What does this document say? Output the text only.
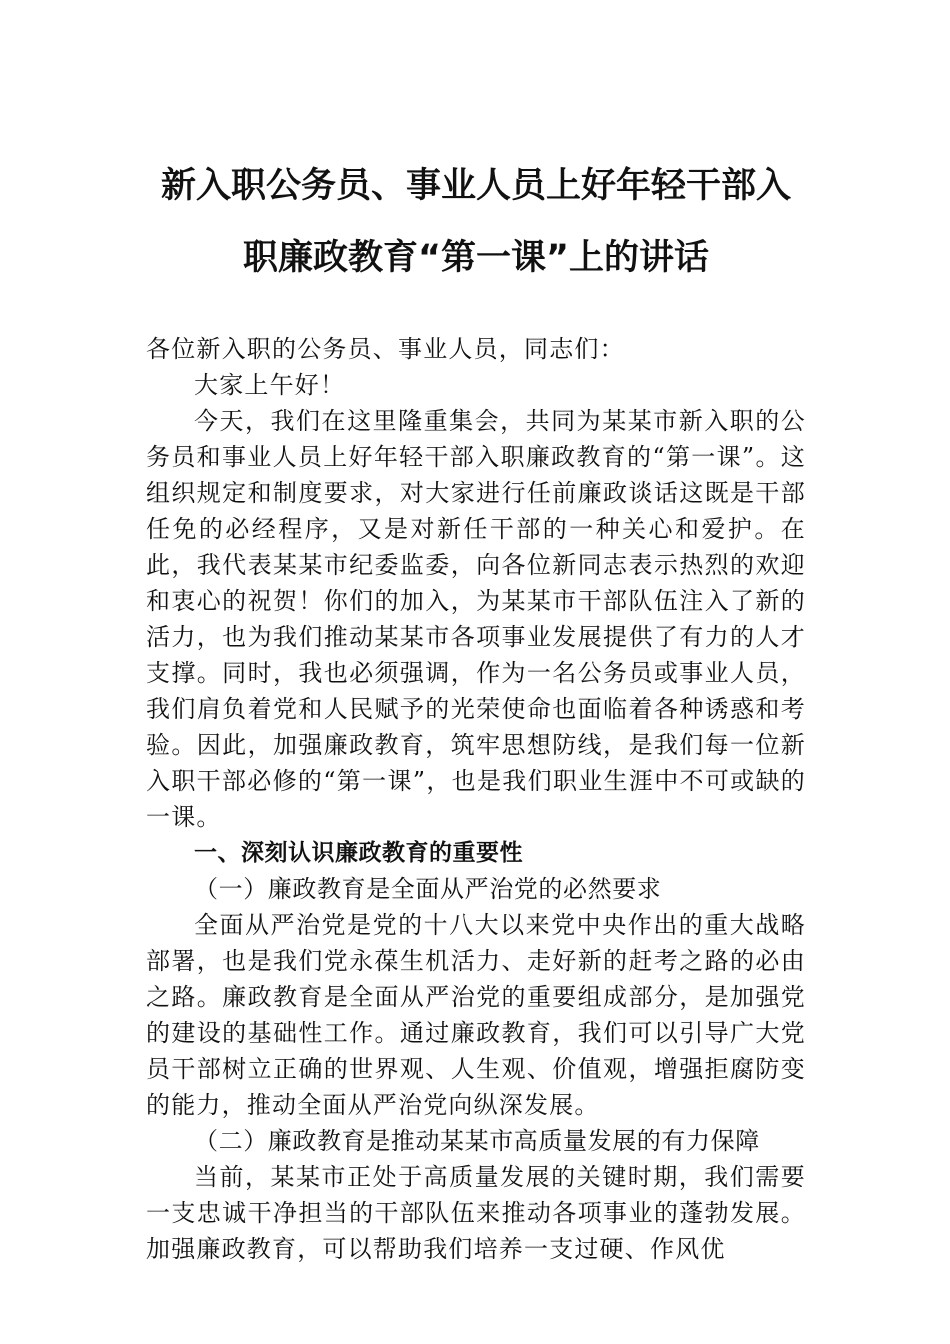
新入职公务员、事业人员上好年轻干部入
职廉政教育“第一课”上的讲话

各位新入职的公务员、事业人员，同志们：

大家上午好！

今天，我们在这里隆重集会，共同为某某市新入职的公务员和事业人员上好年轻干部入职廉政教育的“第一课”。这组织规定和制度要求，对大家进行任前廉政谈话这既是干部任免的必经程序，又是对新任干部的一种关心和爱护。在此，我代表某某市纪委监委，向各位新同志表示热烈的欢迎和衷心的祝贺！你们的加入，为某某市干部队伍注入了新的活力，也为我们推动某某市各项事业发展提供了有力的人才支撑。同时，我也必须强调，作为一名公务员或事业人员，我们肩负着党和人民赋予的光荣使命也面临着各种诱惑和考验。因此，加强廉政教育，筑牢思想防线，是我们每一位新入职干部必修的“第一课”，也是我们职业生涯中不可或缺的一课。

一、深刻认识廉政教育的重要性

（一）廉政教育是全面从严治党的必然要求

全面从严治党是党的十八大以来党中央作出的重大战略部署，也是我们党永葆生机活力、走好新的赶考之路的必由之路。廉政教育是全面从严治党的重要组成部分，是加强党的建设的基础性工作。通过廉政教育，我们可以引导广大党员干部树立正确的世界观、人生观、价值观，增强拒腐防变的能力，推动全面从严治党向纵深发展。

（二）廉政教育是推动某某市高质量发展的有力保障

当前，某某市正处于高质量发展的关键时期，我们需要一支忠诚干净担当的干部队伍来推动各项事业的蓬勃发展。加强廉政教育，可以帮助我们培养一支过硬、作风优
